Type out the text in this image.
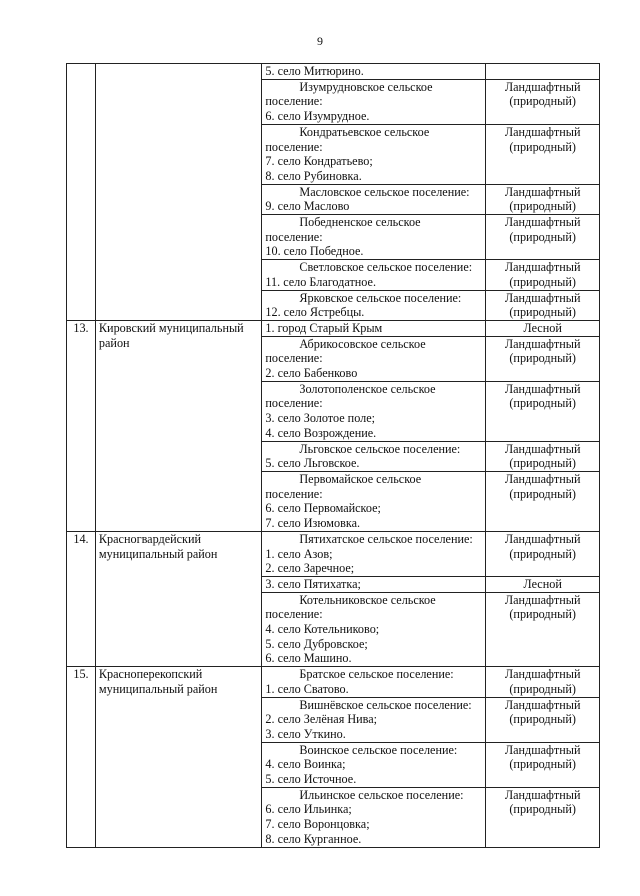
9

		5. село Митюрино.	

		Изумрудновское сельское
поселение:
6. село Изумрудное.	Ландшафтный
(природный)

		Кондратьевское сельское
поселение:
7. село Кондратьево;
8. село Рубиновка.	Ландшафтный
(природный)

		Масловское сельское поселение:
9. село Маслово	Ландшафтный
(природный)

		Победненское сельское
поселение:
10. село Победное.	Ландшафтный
(природный)

		Светловское сельское поселение:
11. село Благодатное.	Ландшафтный
(природный)

		Ярковское сельское поселение:
12. село Ястребцы.	Ландшафтный
(природный)

13.	Кировский муниципальный район	1. город Старый Крым	Лесной

		Абрикосовское сельское
поселение:
2. село Бабенково	Ландшафтный
(природный)

		Золотополенское сельское
поселение:
3. село Золотое поле;
4. село Возрождение.	Ландшафтный
(природный)

		Льговское сельское поселение:
5. село Льговское.	Ландшафтный
(природный)

		Первомайское сельское
поселение:
6. село Первомайское;
7. село Изюмовка.	Ландшафтный
(природный)

14.	Красногвардейский муниципальный район	Пятихатское сельское поселение:
1. село Азов;
2. село Заречное;	Ландшафтный
(природный)

		3. село Пятихатка;	Лесной

		Котельниковское сельское
поселение:
4. село Котельниково;
5. село Дубровское;
6. село Машино.	Ландшафтный
(природный)

15.	Красноперекопский муниципальный район	Братское сельское поселение:
1. село Сватово.	Ландшафтный
(природный)

		Вишнёвское сельское поселение:
2. село Зелёная Нива;
3. село Уткино.	Ландшафтный
(природный)

		Воинское сельское поселение:
4. село Воинка;
5. село Источное.	Ландшафтный
(природный)

		Ильинское сельское поселение:
6. село Ильинка;
7. село Воронцовка;
8. село Курганное.	Ландшафтный
(природный)
